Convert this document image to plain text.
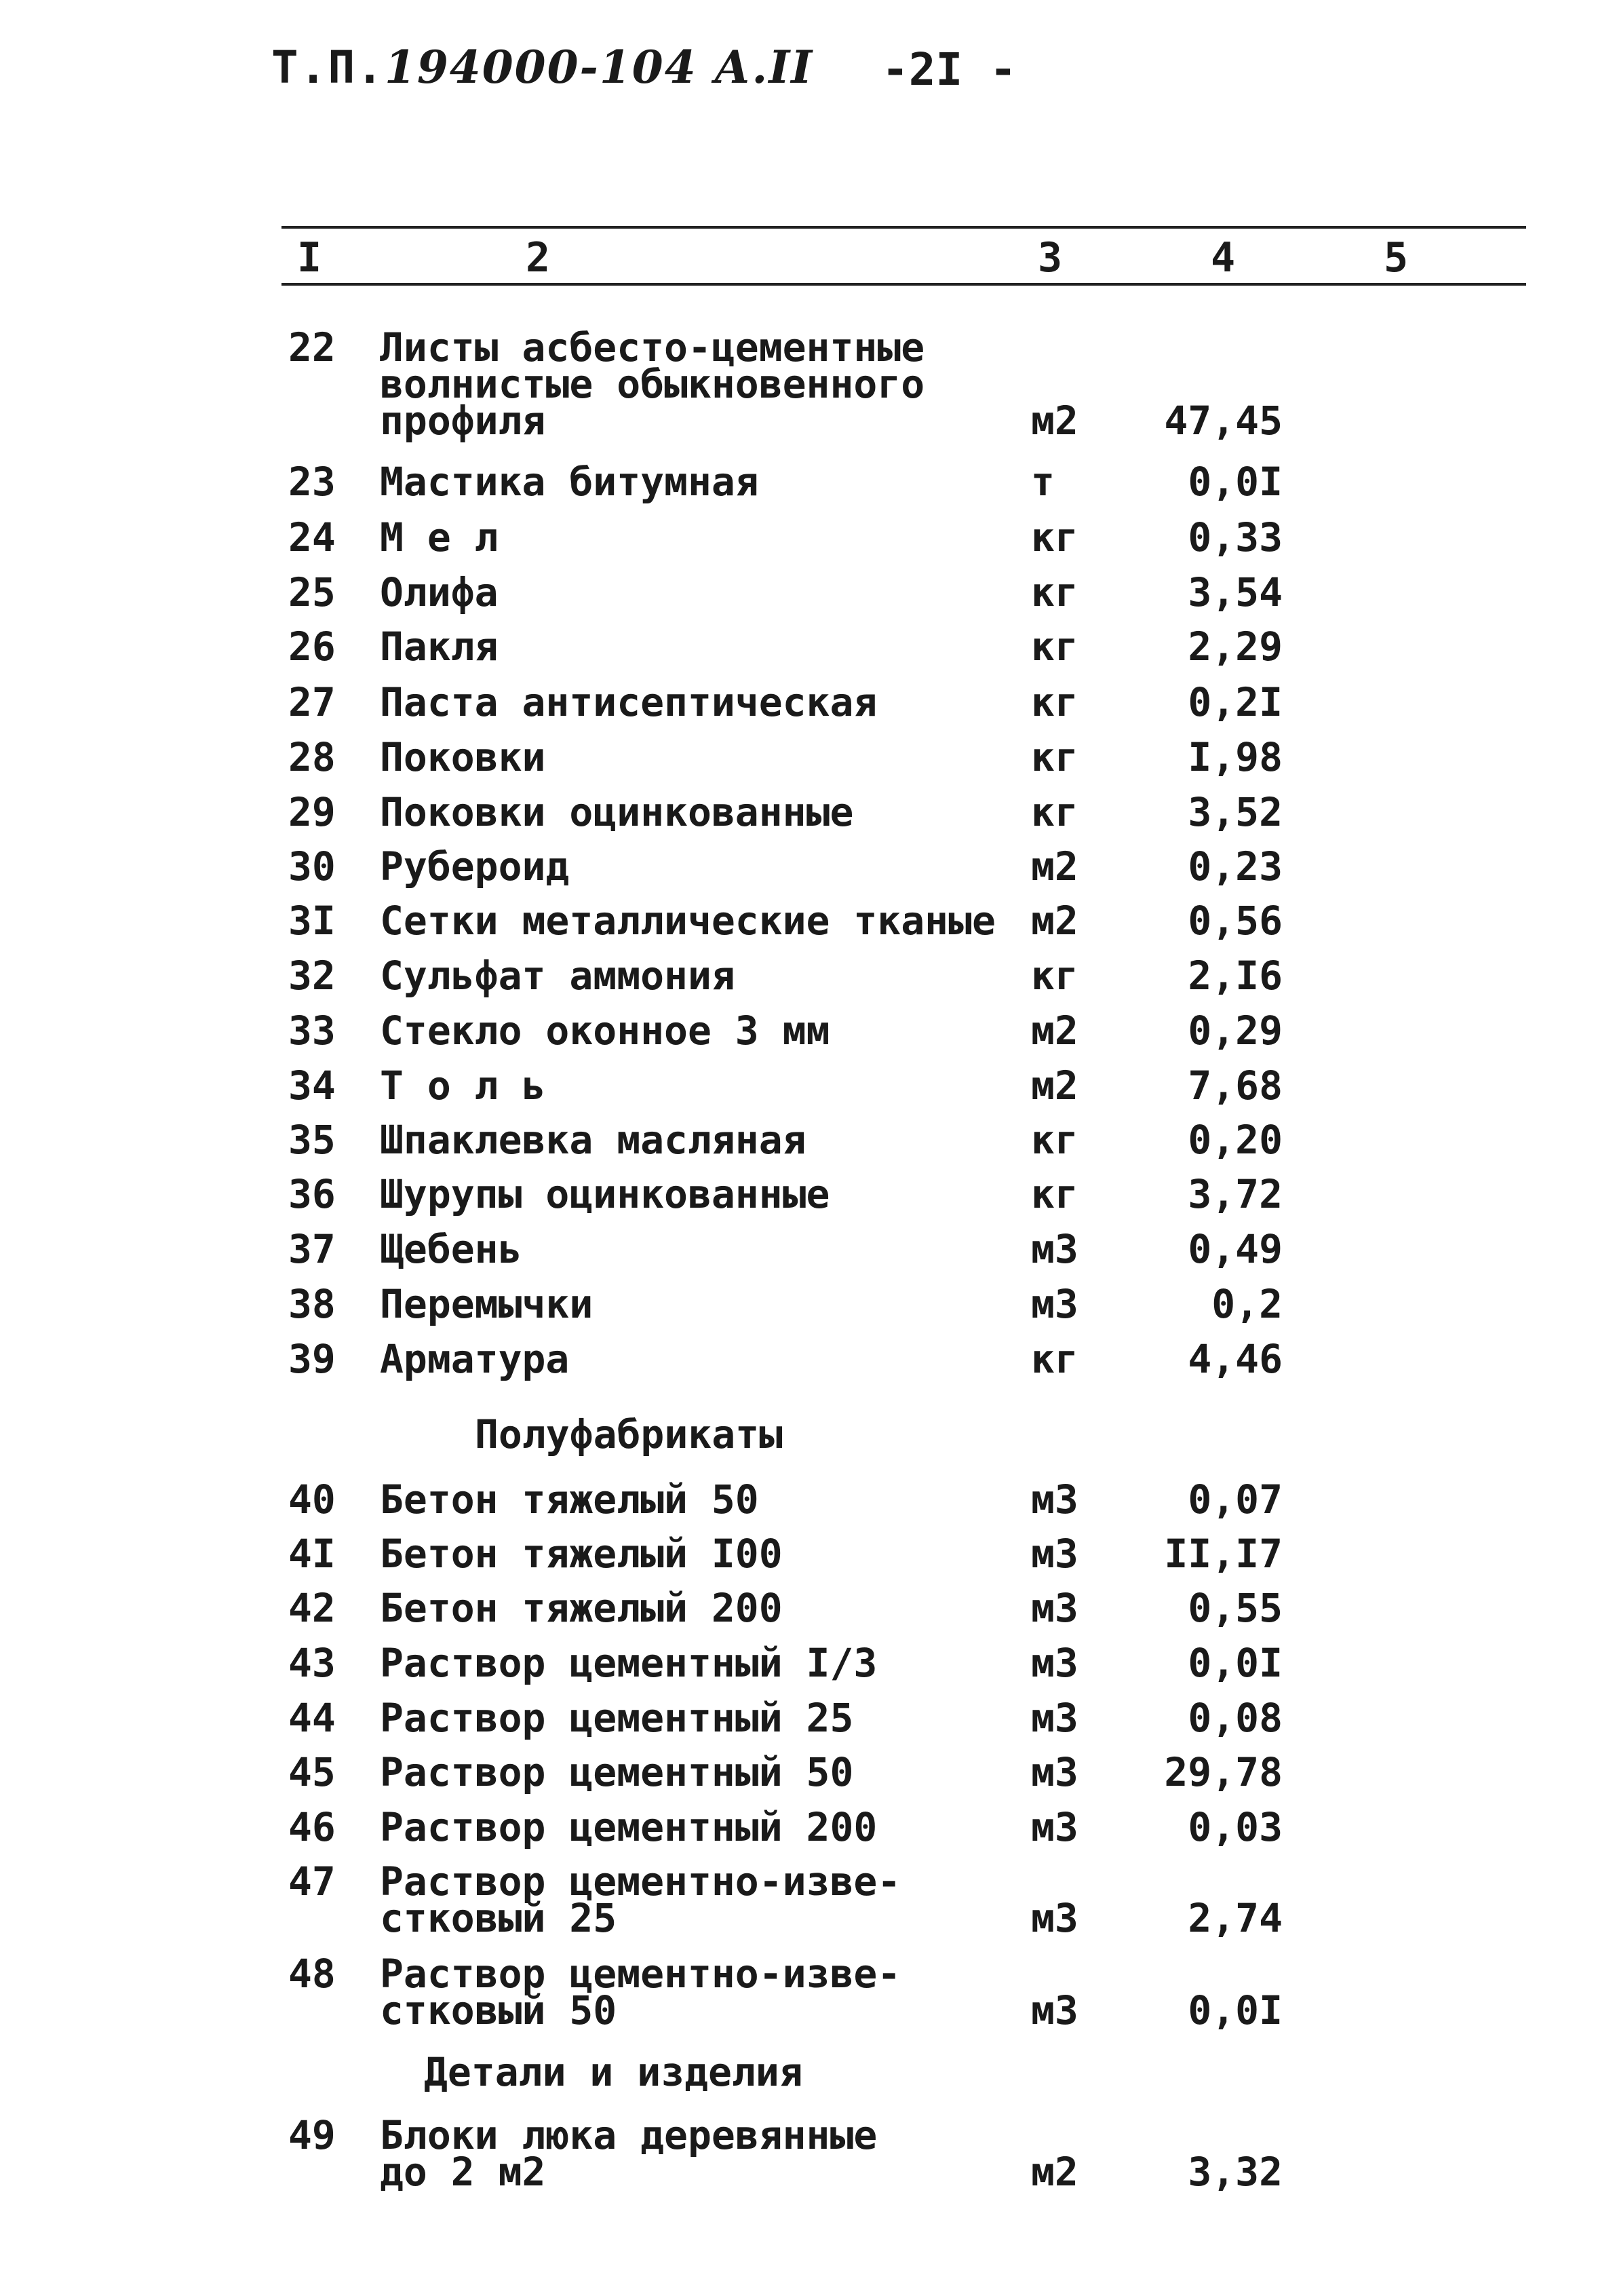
Т.П.194000-104 А.II -2I -
I	2	3	4	5
22 Листы асбесто-цементные
волнистые обыкновенного
профиля	м2 47,45
23 Мастика битумная	т	0,0I
24 М е л	кг	0,33
25 Олифа	кг	3,54
26 Пакля	кг	2,29
27 Паста антисептическая	кг	0,2I
28 Поковки	кг	I,98
29 Поковки оцинкованные	кг	3,52
30 Рубероид	м2	0,23
3I Сетки металлические тканые м2	0,56
32 Сульфат аммония	кг	2,I6
33 Стекло оконное 3 мм	м2	0,29
34 Т о л ь	м2	7,68
35 Шпаклевка масляная	кг	0,20
36 Шурупы оцинкованные	кг	3,72
37 Щебень	м3	0,49
38 Перемычки	м3	0,2
39 Арматура	кг	4,46
Полуфабрикаты
40 Бетон тяжелый 50	м3	0,07
4I Бетон тяжелый I00	м3 II,I7
42 Бетон тяжелый 200	м3	0,55
43 Раствор цементный I/3	м3	0,0I
44 Раствор цементный 25	м3	0,08
45 Раствор цементный 50	м3 29,78
46 Раствор цементный 200	м3	0,03
47 Раствор цементно-изве-
стковый 25	м3	2,74
48 Раствор цементно-изве-
стковый 50	м3	0,0I
Детали и изделия
49 Блоки люка деревянные
до 2 м2	м2	3,32
